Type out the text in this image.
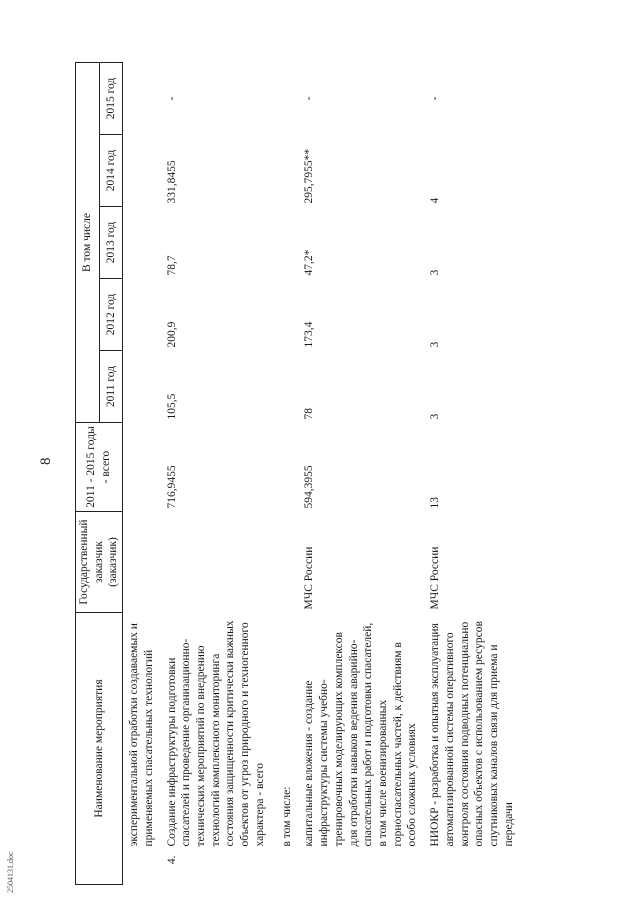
8
2504131.doc
Наименование мероприятия		Государственный заказчик (заказчик)	2011 - 2015 годы - всего	В том числе				
				2011 год	2012 год	2013 год	2014 год	2015 год
	экспериментальной отработки создаваемых и применяемых спасательных технологий							
4.	Создание инфраструктуры подготовки спасателей и проведение организационно-технических мероприятий по внедрению технологий комплексного мониторинга состояния защищенности критически важных объектов от угроз природного и техногенного характера - всего		716,9455	105,5	200,9	78,7	331,8455	-
	в том числе:							
	капитальные вложения - создание инфраструктуры системы учебно-тренировочных моделирующих комплексов для отработки навыков ведения аварийно-спасательных работ и подготовки спасателей, в том числе военизированных горноспасательных частей, к действиям в особо сложных условиях	МЧС России	594,3955	78	173,4	47,2*	295,7955**	-
	НИОКР - разработка и опытная эксплуатация автоматизированной системы оперативного контроля состояния подводных потенциально опасных объектов с использованием ресурсов спутниковых каналов связи для приема и передачи	МЧС России	13	3	3	3	4	-
